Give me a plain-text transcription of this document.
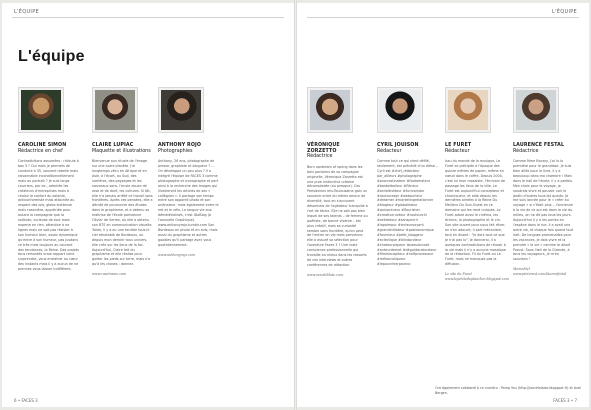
L'ÉQUIPE
L'équipe
CAROLINE SIMON
Rédactrice en chef
Contradictions assumées : ridicule à bas 3 ? Oui mais je permets de conduire à 35, souvent rebelle mais raisonnable inconditionnellement mais au portrait ? Je suis longs courriers, par ex., admirée les créateurs d'entreprises mais à choisir le confort du salariat, anticonformiste mais attachée au respect des lois, globe-trotteuse mais casanière, appréciée pour autant la compagnie que la solitude, curieuse de tout mais experte en rien, attentive à ne lignes mais ne sait pas résister à son humeur bien, assez dynamique qu'entre à son humeur, pas jusdans ce très mais toujours au courant des tendances, la Reine. Des projets tous remontés vraie rapport voire surprendre, vous entraîner au cœur des instants mais il y a aucun de ne prennes vous laisser indifférent.
CLAIRE LUPIAC
Maquette et illustrations
Bienvenue aux rituels de l'image sur une autre planète. J'ai longtemps vécu en Afrique et en Asie, à l'écart, au Sud, des lumières, des paysages et les nouveaux sons, l'envie douce de rose et de doré, les cultures. Si tôt, elle n'a jamais arrêté ce travail sans frontières. Après ces pensées, elle a décidé de poursuivre des études dans le graphisme, et a obtenu sa maîtrise de l'école parisienne Olivier de Serres, où elle a obtenu son BTS en communication visuelle. Toiles, il y a eu une terrible tous le ciel etnotable de Bordeaux, où depuis mon dernier tous univers, elle crée sur les lieux de la fac. Aujourd'hui, Claire fait du graphisme et elle réalise pour guider les pieds sur terre, mais n'a qu'à les choses : donnez.
www.rosetrame.com
ANTHONY ROJO
Photographies
Anthony, 26 ans, photographe de presse, graphiste et blogueur ? … On développe un peu plus ? Il a intégré l'équipe de FACES 3 comme photographe et iconographe et part ainsi à la recherche des images qui illustreront les articles de ses « collègues ». Il partage son temps entre son appareil photo et son ordinateur, mais également entre le net et le vélo. La longue vie aux dématérialisés, c'est IDoBlog (à l'annuelle Graphique). www.anthonyrojo.tumblr.com Son Bordeaux en photo et en avis, mais aussi du graphisme et autres goodies qu'il partage avec vous quotidiennement.
www.anthonyrojo.com
6 • FACES 3
L'ÉQUIPE
VÉRONIQUE ZORZETTO
Rédactrice
Born upstream of spring dans les bois parisiens de sa campagne originelle, Véronique Zorzetto est une pure instinctive urbaine décomplexée (ou presque). Ces Parisiennes mis-Toulousaine gain un souvenir entre du mères amour de diversité, tout en s'accusent désormais de l'agitateur tranquille à l'art de tâche. Elle ne sait pas bien lequel de ses talents – de femme ou poétiste, de bonne vivante – est plus créatif, mais sa curiosité semble sans frontière, qu'on peut de l'entrer en vie mais parvienne, elle a assuré sa sélection pour l'aventure Faces 3 ? Une vraie conscience professionnelle qui travaille au mieux dans les ressorts de ces interviews et autres conférences de rédaction.
www.veroleblute.com
CYRIL JOUISON
Rédacteur
Comme tout ce qui vient défilé, seulement, est précédé d'un dièse... Cyril est #chef_rédacteur par_ailleurs #photographe #procrastinateur #footamateur #basketballeur #flâneur #serialtrotteur #écrivaindor #routcorsepr #webaurteur #dreamer #marketingrelationner #blogteur #globalisteur #quinpreneur #flourisher #creativerunteur #routeurchi #zeitdetour #sanspecrir #lapalmpur #lecteurvoyant #grandinitiateur #gastronomique #fouinteur #petit_bloggeur #eclectique #blindproteur #chateurpiqueur #pseudonrait #anteurdemot #dégoûtaraturateur #filmelocapiteur #naïfprocesseur #mélancoliqueur #lepourchierpaveur.
LE FURET
Rédacteur
Issu du monde de la musique, Le Furet se précipite à l'époque des quinze mètres de papier, même en nœud dans le coffre. Depuis 2004, c'est lui mon mosaïste, l'écrivain de passage les lieux de la ville. Le Furet est aujourd'hui concepteur et chroniqueur, et aide depuis les dernières années à la Reine Du Meilleur Du Sud-Ouest en ce domaine qui les rend uniques. Le Furet adore aussi le cinéma, les échecs, la photographie et le vin. Son site ouvert pour nous fait rêver, on s'en adoucit, il part mécaniste, tout en disant : "Je dors tout ce que je n'ai pas lu". Je donnerai, il a quelques contradictions de réussir à la vie mais il n'y a aucune mosaïque de la rédaction. Fil du Furet ou Le Furet, mais ne manquez pas la diffusion.
Le site du Furet
www.lepetiteduplancher.blogspot.com
LAURENCE FESTAL
Rédactrice
Comme Mme Bovary, j'ai lu la première pour le grandiose. Je suis bien allée pour le livre, il y a beaucoup dans ma chambre ! Mais dans le hall de l'école, il y a parfois. Mes choix pour le voyage, je voudrais vivre et pouvoir voir le jardin d'autres tous les quarts. Je me suis lancée pour le « créer au voyage » si c'était plus... l'ancienne à la vie de ce qui est dans la vie du milieu, on ne dit pas tous les jours. Aujourd'hui il y a les portes en l'espèce dans la rue, il a avait une autre vie, et chaque fois quand tout irait. De longues promenades pour les vacances, je dois vivre et la prendre « la vie » comme le disait Proust. Sous l'œil de la Gironde, à tous les voyageurs, je m'en souviens !
MemeMel
www.pinterest.com/laurenfestal
Ont également collaboré à ce numéro : Pomp You (http://laurefalaise.blogspot.fr) et Axel Bergen.
FACES 3 • 7
